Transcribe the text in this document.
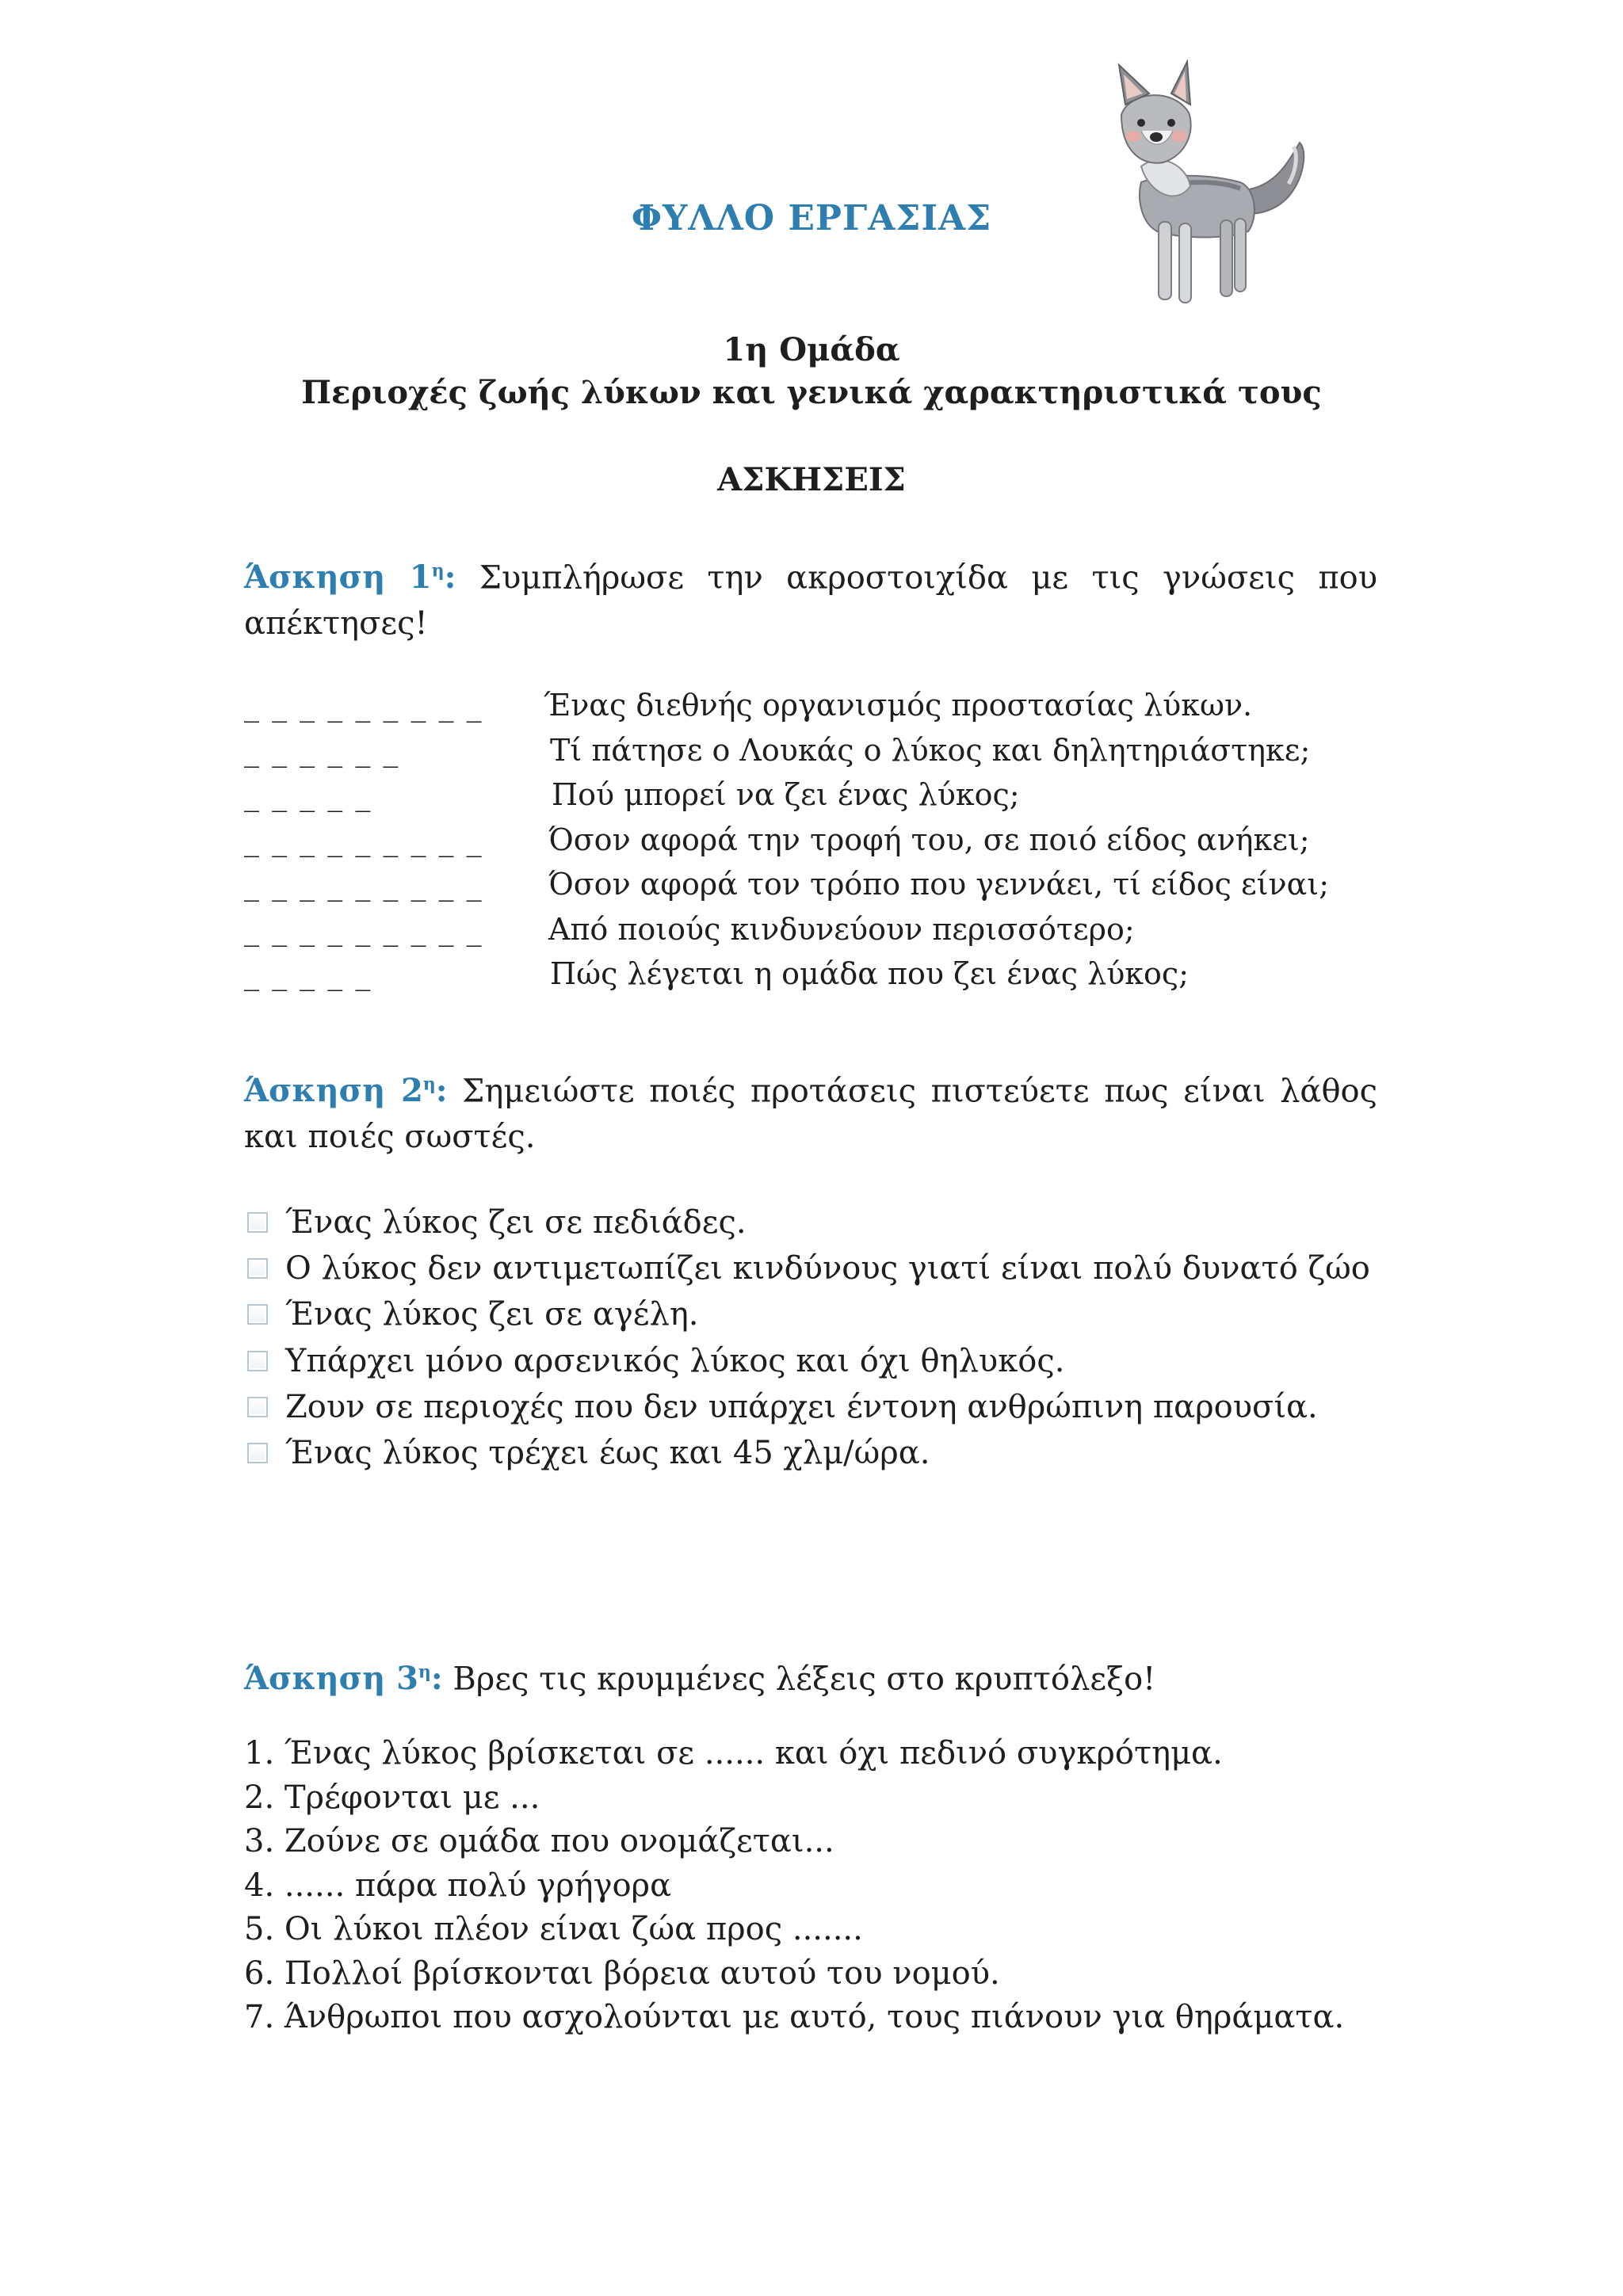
ΦΥΛΛΟ ΕΡΓΑΣΙΑΣ
1η Ομάδα
Περιοχές ζωής λύκων και γενικά χαρακτηριστικά τους
ΑΣΚΗΣΕΙΣ
Άσκηση $1^\eta$: Συμπλήρωσε την ακροστοιχίδα με τις γνώσεις που απέκτησες!
_ _ _ _ _ _ _ _ _ Ένας διεθνής οργανισμός προστασίας λύκων.
_ _ _ _ _ _	Τί πάτησε ο Λουκάς ο λύκος και δηλητηριάστηκε;
_ _ _ _ _	Πού μπορεί να ζει ένας λύκος;
_ _ _ _ _ _ _ _ _ Όσον αφορά την τροφή του, σε ποιό είδος ανήκει;
_ _ _ _ _ _ _ _ _ Όσον αφορά τον τρόπο που γεννάει, τί είδος είναι;
_ _ _ _ _ _ _ _ _ Από ποιούς κινδυνεύουν περισσότερο;
_ _ _ _ _	Πώς λέγεται η ομάδα που ζει ένας λύκος;
Άσκηση $2^\eta$: Σημειώστε ποιές προτάσεις πιστεύετε πως είναι λάθος και ποιές σωστές.
Ένας λύκος ζει σε πεδιάδες.
Ο λύκος δεν αντιμετωπίζει κινδύνους γιατί είναι πολύ δυνατό ζώο
Ένας λύκος ζει σε αγέλη.
Υπάρχει μόνο αρσενικός λύκος και όχι θηλυκός.
Ζουν σε περιοχές που δεν υπάρχει έντονη ανθρώπινη παρουσία.
Ένας λύκος τρέχει έως και 45 χλμ/ώρα.
Άσκηση $3^\eta$: Βρες τις κρυμμένες λέξεις στο κρυπτόλεξο!
1. Ένας λύκος βρίσκεται σε ...... και όχι πεδινό συγκρότημα.
2. Τρέφονται με ...
3. Ζούνε σε ομάδα που ονομάζεται...
4. ...... πάρα πολύ γρήγορα
5. Οι λύκοι πλέον είναι ζώα προς .......
6. Πολλοί βρίσκονται βόρεια αυτού του νομού.
7. Άνθρωποι που ασχολούνται με αυτό, τους πιάνουν για θηράματα.
